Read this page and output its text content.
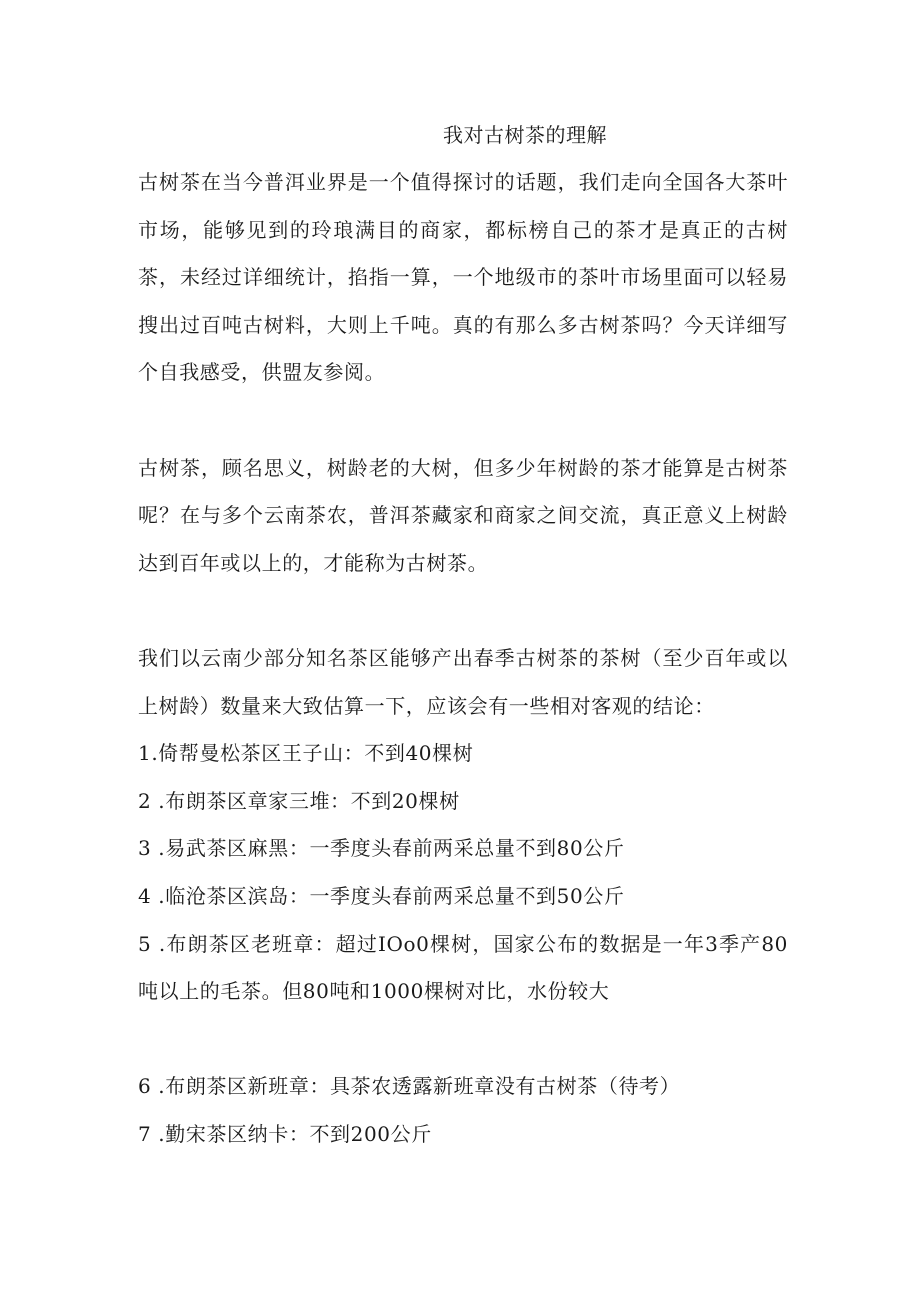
我对古树茶的理解

古树茶在当今普洱业界是一个值得探讨的话题，我们走向全国各大茶叶市场，能够见到的玲琅满目的商家，都标榜自己的茶才是真正的古树茶，未经过详细统计，掐指一算，一个地级市的茶叶市场里面可以轻易搜出过百吨古树料，大则上千吨。真的有那么多古树茶吗？今天详细写个自我感受，供盟友参阅。

古树茶，顾名思义，树龄老的大树，但多少年树龄的茶才能算是古树茶呢？在与多个云南茶农，普洱茶藏家和商家之间交流，真正意义上树龄达到百年或以上的，才能称为古树茶。

我们以云南少部分知名茶区能够产出春季古树茶的茶树（至少百年或以上树龄）数量来大致估算一下，应该会有一些相对客观的结论：

1.倚帮曼松茶区王子山：不到40棵树

2 .布朗茶区章家三堆：不到20棵树

3 .易武茶区麻黑：一季度头春前两采总量不到80公斤

4 .临沧茶区滨岛：一季度头春前两采总量不到50公斤

5 .布朗茶区老班章：超过IOo0棵树，国家公布的数据是一年3季产80吨以上的毛茶。但80吨和1000棵树对比，水份较大

6 .布朗茶区新班章：具茶农透露新班章没有古树茶（待考）

7 .勤宋茶区纳卡：不到200公斤
